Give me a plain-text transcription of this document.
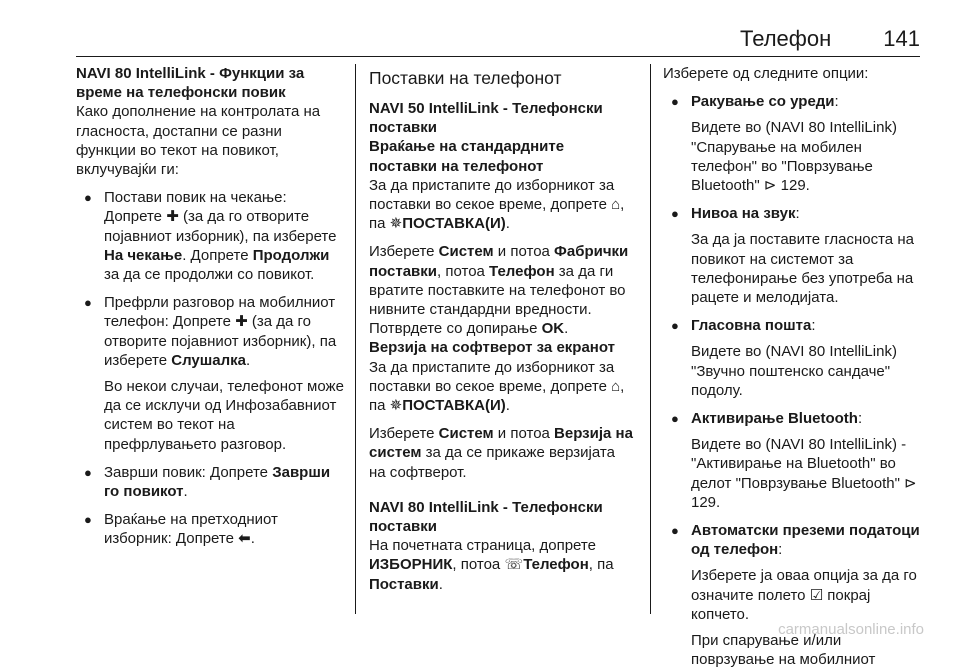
Телефон 141

NAVI 80 IntelliLink - Функции за
време на телефонски повик

Како дополнение на контролата на гласноста, достапни се разни функции во текот на повикот, вклучувајќи ги:

● Постави повик на чекање: Допрете ✚ (за да го отворите појавниот изборник), па изберете На чекање. Допрете Продолжи за да се продолжи со повикот.

● Префрли разговор на мобилниот телефон: Допрете ✚ (за да го отворите појавниот изборник), па изберете Слушалка.

Во некои случаи, телефонот може да се исклучи од Инфозабавниот систем во текот на префрлувањето разговор.

● Заврши повик: Допрете Заврши го повикот.

● Враќање на претходниот изборник: Допрете ⬅.

Поставки на телефонот

NAVI 50 IntelliLink - Телефонски
поставки

Враќање на стандардните
поставки на телефонот

За да пристапите до изборникот за поставки во секое време, допрете ⌂, па ✵ПОСТАВКА(И).

Изберете Систем и потоа Фабрички поставки, потоа Телефон за да ги вратите поставките на телефонот во нивните стандардни вредности. Потврдете со допирање OK.

Верзија на софтверот за екранот

За да пристапите до изборникот за поставки во секое време, допрете ⌂, па ✵ПОСТАВКА(И).

Изберете Систем и потоа Верзија на систем за да се прикаже верзијата на софтверот.

NAVI 80 IntelliLink - Телефонски
поставки

На почетната страница, допрете ИЗБОРНИК, потоа ☏Телефон, па Поставки.

Изберете од следните опции:

● Ракување со уреди:

Видете во (NAVI 80 IntelliLink) "Спарување на мобилен телефон" во "Поврзување Bluetooth" ⊳ 129.

● Нивоа на звук:

За да ја поставите гласноста на повикот на системот за телефонирање без употреба на рацете и мелодијата.

● Гласовна пошта:

Видете во (NAVI 80 IntelliLink) "Звучно поштенско сандаче" подолу.

● Активирање Bluetooth:

Видете во (NAVI 80 IntelliLink) - "Активирање на Bluetooth" во делот "Поврзување Bluetooth" ⊳ 129.

● Автоматски преземи податоци од телефон:

Изберете ја оваа опција за да го означите полето ☑ покрај копчето.

При спарување и/или поврзување на мобилниот

carmanualsonline.info
